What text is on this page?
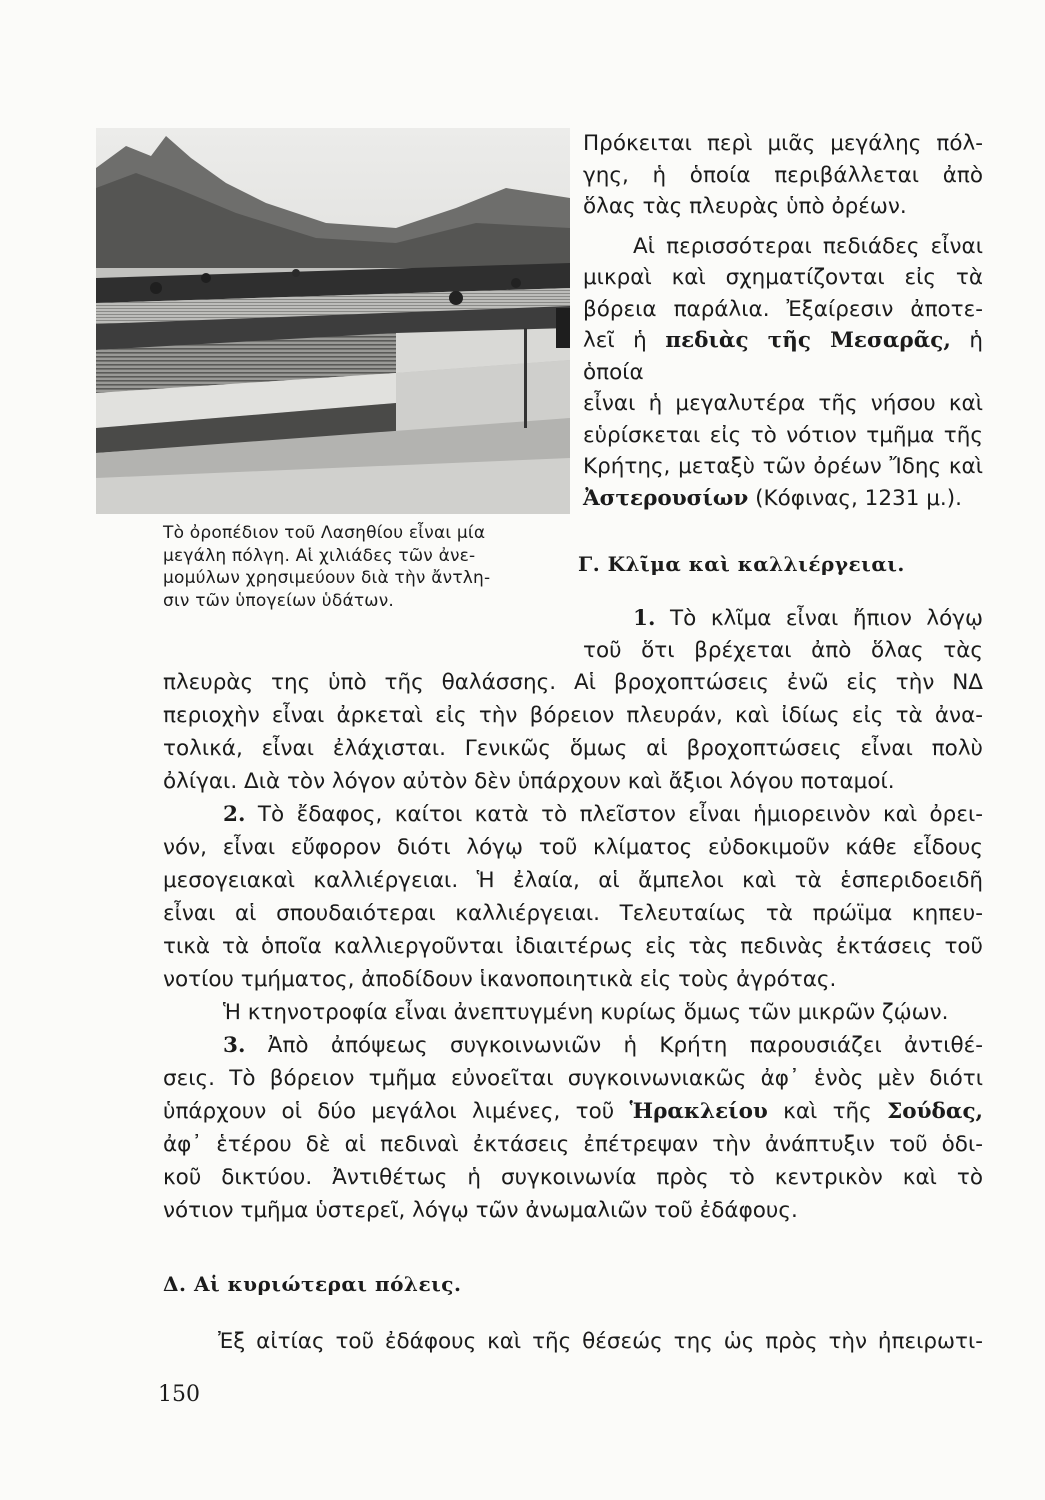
Τὸ ὀροπέδιον τοῦ Λασηθίου εἶναι μία

μεγάλη πόλγη. Αἱ χιλιάδες τῶν ἀνε-

μομύλων χρησιμεύουν διὰ τὴν ἄντλη-

σιν τῶν ὑπογείων ὑδάτων.

Πρόκειται περὶ μιᾶς μεγάλης πόλ-
γης, ἡ ὁποία περιβάλλεται ἀπὸ
ὅλας τὰς πλευρὰς ὑπὸ ὀρέων.

Αἱ περισσότεραι πεδιάδες εἶναι
μικραὶ καὶ σχηματίζονται εἰς τὰ
βόρεια παράλια. Ἐξαίρεσιν ἀποτε-
λεῖ ἡ πεδιὰς τῆς Μεσαρᾶς, ἡ ὁποία
εἶναι ἡ μεγαλυτέρα τῆς νήσου καὶ
εὑρίσκεται εἰς τὸ νότιον τμῆμα τῆς
Κρήτης, μεταξὺ τῶν ὀρέων Ἴδης καὶ
Ἀστερουσίων (Κόφινας, 1231 μ.).

Γ. Κλῖμα καὶ καλλιέργειαι.
1. Τὸ κλῖμα εἶναι ἤπιον λόγῳ
τοῦ ὅτι βρέχεται ἀπὸ ὅλας τὰς
πλευρὰς της ὑπὸ τῆς θαλάσσης. Αἱ βροχοπτώσεις ἐνῶ εἰς τὴν ΝΔ
περιοχὴν εἶναι ἀρκεταὶ εἰς τὴν βόρειον πλευράν, καὶ ἰδίως εἰς τὰ ἀνα-
τολικά, εἶναι ἐλάχισται. Γενικῶς ὅμως αἱ βροχοπτώσεις εἶναι πολὺ
ὀλίγαι. Διὰ τὸν λόγον αὐτὸν δὲν ὑπάρχουν καὶ ἄξιοι λόγου ποταμοί.
2. Τὸ ἔδαφος, καίτοι κατὰ τὸ πλεῖστον εἶναι ἡμιορεινὸν καὶ ὀρει-
νόν, εἶναι εὔφορον διότι λόγῳ τοῦ κλίματος εὐδοκιμοῦν κάθε εἶδους
μεσογειακαὶ καλλιέργειαι. Ἡ ἐλαία, αἱ ἄμπελοι καὶ τὰ ἑσπεριδοειδῆ
εἶναι αἱ σπουδαιότεραι καλλιέργειαι. Τελευταίως τὰ πρώϊμα κηπευ-
τικὰ τὰ ὁποῖα καλλιεργοῦνται ἰδιαιτέρως εἰς τὰς πεδινὰς ἐκτάσεις τοῦ
νοτίου τμήματος, ἀποδίδουν ἱκανοποιητικὰ εἰς τοὺς ἀγρότας.
Ἡ κτηνοτροφία εἶναι ἀνεπτυγμένη κυρίως ὅμως τῶν μικρῶν ζῴων.
3. Ἀπὸ ἀπόψεως συγκοινωνιῶν ἡ Κρήτη παρουσιάζει ἀντιθέ-
σεις. Τὸ βόρειον τμῆμα εὐνοεῖται συγκοινωνιακῶς ἀφ᾿ ἑνὸς μὲν διότι
ὑπάρχουν οἱ δύο μεγάλοι λιμένες, τοῦ Ἡρακλείου καὶ τῆς Σούδας,
ἀφ᾿ ἑτέρου δὲ αἱ πεδιναὶ ἐκτάσεις ἐπέτρεψαν τὴν ἀνάπτυξιν τοῦ ὁδι-
κοῦ δικτύου. Ἀντιθέτως ἡ συγκοινωνία πρὸς τὸ κεντρικὸν καὶ τὸ
νότιον τμῆμα ὑστερεῖ, λόγῳ τῶν ἀνωμαλιῶν τοῦ ἐδάφους.
Δ. Αἱ κυριώτεραι πόλεις.
Ἐξ αἰτίας τοῦ ἐδάφους καὶ τῆς θέσεώς της ὡς πρὸς τὴν ἠπειρωτι-
150
